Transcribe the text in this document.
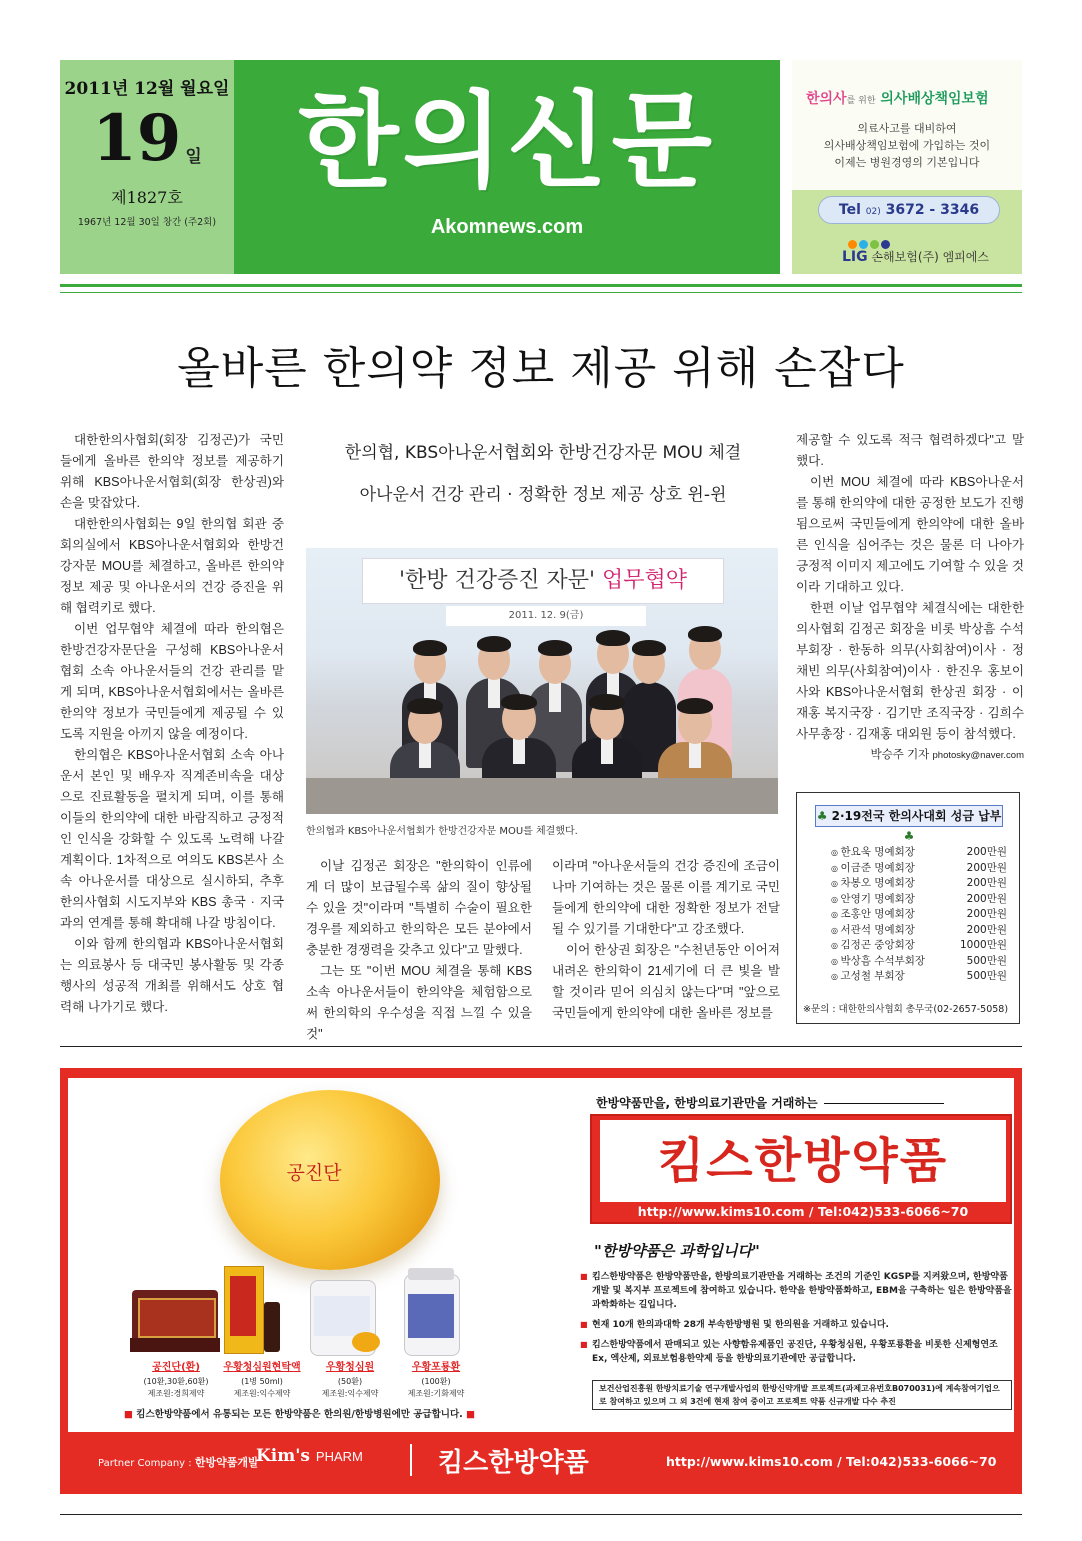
2011년 12월 월요일
19 일
제1827호
1967년 12월 30일 창간 (주2회)
한의신문
Akomnews.com
한의사를 위한 의사배상책임보험
의료사고를 대비하여
의사배상책임보험에 가입하는 것이
이제는 병원경영의 기본입니다
Tel 02) 3672 - 3346
LIG 손해보험(주) 엠피에스
올바른 한의약 정보 제공 위해 손잡다

대한한의사협회(회장 김정곤)가 국민들에게 올바른 한의약 정보를 제공하기 위해 KBS아나운서협회(회장 한상권)와 손을 맞잡았다.

대한한의사협회는 9일 한의협 회관 중회의실에서 KBS아나운서협회와 한방건강자문 MOU를 체결하고, 올바른 한의약 정보 제공 및 아나운서의 건강 증진을 위해 협력키로 했다.

이번 업무협약 체결에 따라 한의협은 한방건강자문단을 구성해 KBS아나운서협회 소속 아나운서들의 건강 관리를 맡게 되며, KBS아나운서협회에서는 올바른 한의약 정보가 국민들에게 제공될 수 있도록 지원을 아끼지 않을 예정이다.

한의협은 KBS아나운서협회 소속 아나운서 본인 및 배우자 직계존비속을 대상으로 진료활동을 펼치게 되며, 이를 통해 이들의 한의약에 대한 바람직하고 긍정적인 인식을 강화할 수 있도록 노력해 나갈 계획이다. 1차적으로 여의도 KBS본사 소속 아나운서를 대상으로 실시하되, 추후 한의사협회 시도지부와 KBS 총국 · 지국과의 연계를 통해 확대해 나갈 방침이다.

이와 함께 한의협과 KBS아나운서협회는 의료봉사 등 대국민 봉사활동 및 각종 행사의 성공적 개최를 위해서도 상호 협력해 나가기로 했다.

한의협, KBS아나운서협회와 한방건강자문 MOU 체결
아나운서 건강 관리 · 정확한 정보 제공 상호 윈-윈
'한방 건강증진 자문' 업무협약
2011. 12. 9(금)
한의협과 KBS아나운서협회가 한방건강자문 MOU를 체결했다.

이날 김정곤 회장은 "한의학이 인류에게 더 많이 보급될수록 삶의 질이 향상될 수 있을 것"이라며 "특별히 수술이 필요한 경우를 제외하고 한의학은 모든 분야에서 충분한 경쟁력을 갖추고 있다"고 말했다.

그는 또 "이번 MOU 체결을 통해 KBS 소속 아나운서들이 한의약을 체험함으로써 한의학의 우수성을 직접 느낄 수 있을 것"

이라며 "아나운서들의 건강 증진에 조금이나마 기여하는 것은 물론 이를 계기로 국민들에게 한의약에 대한 정확한 정보가 전달될 수 있기를 기대한다"고 강조했다.

이어 한상권 회장은 "수천년동안 이어져 내려온 한의학이 21세기에 더 큰 빛을 발할 것이라 믿어 의심치 않는다"며 "앞으로 국민들에게 한의약에 대한 올바른 정보를

제공할 수 있도록 적극 협력하겠다"고 말했다.

이번 MOU 체결에 따라 KBS아나운서를 통해 한의약에 대한 공정한 보도가 진행됨으로써 국민들에게 한의약에 대한 올바른 인식을 심어주는 것은 물론 더 나아가 긍정적 이미지 제고에도 기여할 수 있을 것이라 기대하고 있다.

한편 이날 업무협약 체결식에는 대한한의사협회 김정곤 회장을 비롯 박상흠 수석부회장 · 한동하 의무(사회참여)이사 · 정채빈 의무(사회참여)이사 · 한진우 홍보이사와 KBS아나운서협회 한상권 회장 · 이재홍 복지국장 · 김기만 조직국장 · 김희수 사무총장 · 김재홍 대외원 등이 참석했다.

박승주 기자 photosky@naver.com
♣ 2·19전국 한의사대회 성금 납부 ♣
◎ 한요욱 명예회장	200만원
◎ 이금준 명예회장	200만원
◎ 차봉오 명예회장	200만원
◎ 안영기 명예회장	200만원
◎ 조홍안 명예회장	200만원
◎ 서관석 명예회장	200만원
◎ 김정곤 중앙회장	1000만원
◎ 박상흠 수석부회장	500만원
◎ 고성철 부회장	500만원
※문의 : 대한한의사협회 총무국(02-2657-5058)
공진단
공진단(환)
(10환,30환,60환)
제조원:경희제약
우황청심원현탁액
(1병 50ml)
제조원:익수제약
우황청심원
(50환)
제조원:익수제약
우황포룡환
(100환)
제조원:기화제약
■ 킴스한방약품에서 유통되는 모든 한방약품은 한의원/한방병원에만 공급합니다. ■
한방약품만을, 한방의료기관만을 거래하는
킴스한방약품
http://www.kims10.com / Tel:042)533-6066~70
"한방약품은 과학입니다"
■ 킴스한방약품은 한방약품만을, 한방의료기관만을 거래하는 조건의 기준인 KGSP를 지켜왔으며, 한방약품개발 및 복지부 프로젝트에 참여하고 있습니다. 한약을 한방약품화하고, EBM을 구축하는 일은 한방약품을 과학화하는 길입니다.
■ 현재 10개 한의과대학 28개 부속한방병원 및 한의원을 거래하고 있습니다.
■ 킴스한방약품에서 판매되고 있는 사향함유제품인 공진단, 우황청심원, 우황포룡환을 비롯한 신제형연조Ex, 엑산제, 외료보험용한약제 등을 한방의료기관에만 공급합니다.
보건산업진흥원 한방치료기술 연구개발사업의 한방신약개발 프로젝트(과제고유번호B070031)에 계속참여기업으로 참여하고 있으며 그 외 3건에 현재 참여 중이고 프로젝트 약품 신규개발 다수 추진
Partner Company : 한방약품개발
Kim's PHARM	킴스한방약품	http://www.kims10.com / Tel:042)533-6066~70
